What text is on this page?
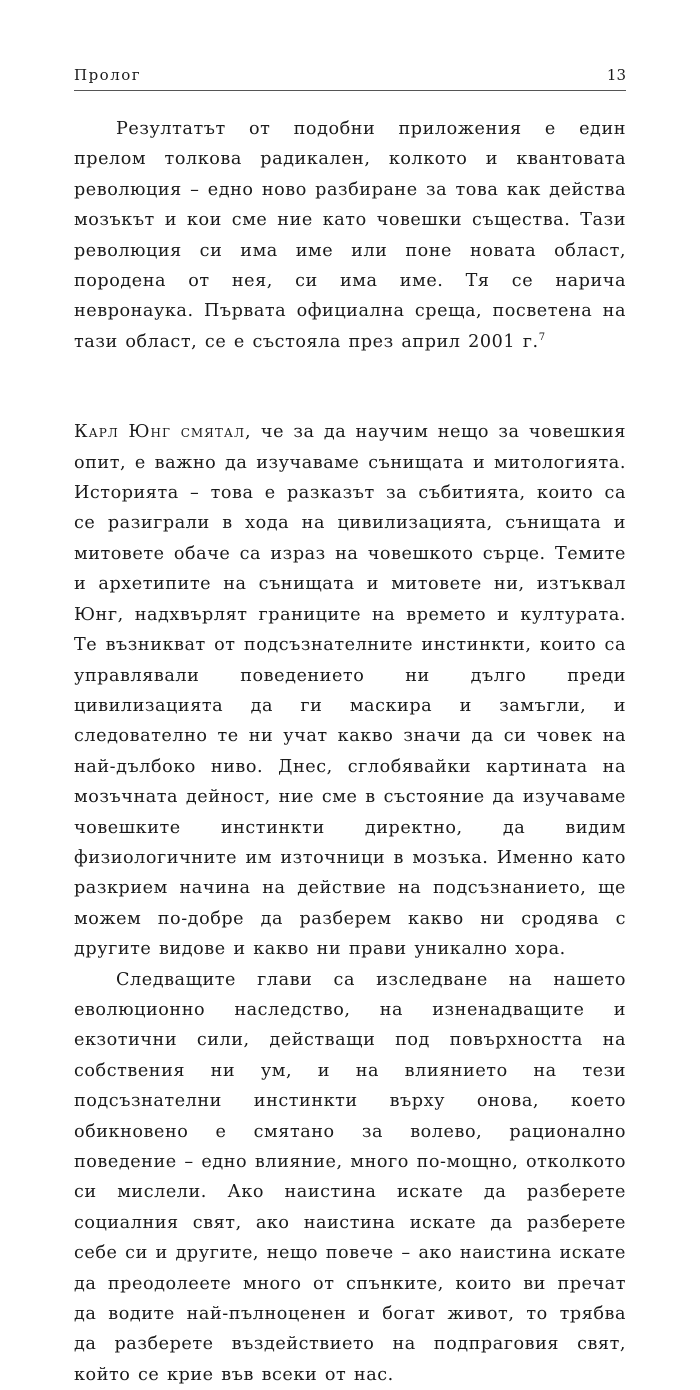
Пролог	13

Резултатът от подобни приложения е един прелом толкова радикален, колкото и квантовата революция – едно ново разбиране за това как действа мозъкът и кои сме ние като човешки същества. Тази революция си има име или поне новата област, породена от нея, си има име. Тя се нарича невронаука. Първата официална среща, посветена на тази област, се е състояла през април 2001 г.$^7$

Карл Юнг смятал, че за да научим нещо за човешкия опит, е важно да изучаваме сънищата и митологията. Историята – това е разказът за събитията, които са се разиграли в хода на цивилизацията, сънищата и митовете обаче са израз на човешкото сърце. Темите и архетипите на сънищата и митовете ни, изтъквал Юнг, надхвърлят границите на времето и културата. Те възникват от подсъзнателните инстинкти, които са управлявали поведението ни дълго преди цивилизацията да ги маскира и замъгли, и следователно те ни учат какво значи да си човек на най-дълбоко ниво. Днес, сглобявайки картината на мозъчната дейност, ние сме в състояние да изучаваме човешките инстинкти директно, да видим физиологичните им източници в мозъка. Именно като разкрием начина на действие на подсъзнанието, ще можем по-добре да разберем какво ни сродява с другите видове и какво ни прави уникално хора.

Следващите глави са изследване на нашето еволюционно наследство, на изненадващите и екзотични сили, действащи под повърхността на собствения ни ум, и на влиянието на тези подсъзнателни инстинкти върху онова, което обикновено е смятано за волево, рационално поведение – едно влияние, много по-мощно, отколкото си мислели. Ако наистина искате да разберете социалния свят, ако наистина искате да разберете себе си и другите, нещо повече – ако наистина искате да преодолеете много от спънките, които ви пречат да водите най-пълноценен и богат живот, то трябва да разберете въздействието на подпраговия свят, който се крие във всеки от нас.
